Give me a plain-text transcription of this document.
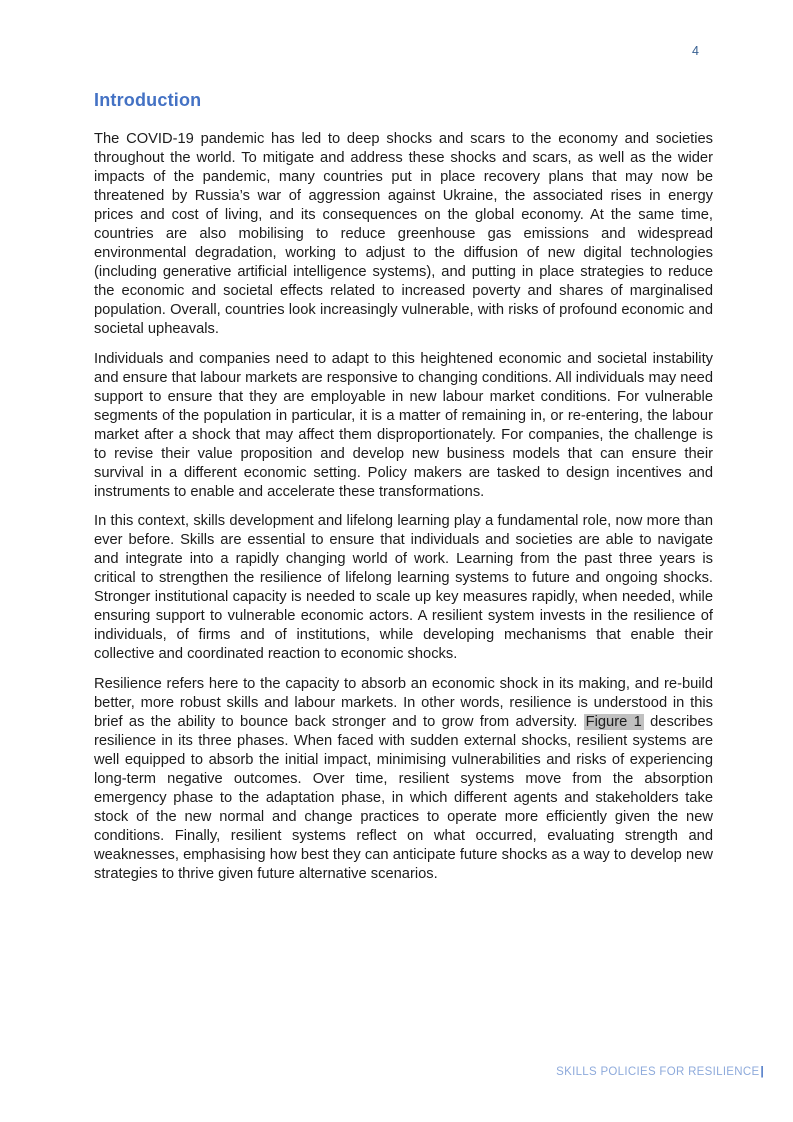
4
Introduction

The COVID-19 pandemic has led to deep shocks and scars to the economy and societies throughout the world. To mitigate and address these shocks and scars, as well as the wider impacts of the pandemic, many countries put in place recovery plans that may now be threatened by Russia’s war of aggression against Ukraine, the associated rises in energy prices and cost of living, and its consequences on the global economy. At the same time, countries are also mobilising to reduce greenhouse gas emissions and widespread environmental degradation, working to adjust to the diffusion of new digital technologies (including generative artificial intelligence systems), and putting in place strategies to reduce the economic and societal effects related to increased poverty and shares of marginalised population. Overall, countries look increasingly vulnerable, with risks of profound economic and societal upheavals.

Individuals and companies need to adapt to this heightened economic and societal instability and ensure that labour markets are responsive to changing conditions. All individuals may need support to ensure that they are employable in new labour market conditions. For vulnerable segments of the population in particular, it is a matter of remaining in, or re-entering, the labour market after a shock that may affect them disproportionately. For companies, the challenge is to revise their value proposition and develop new business models that can ensure their survival in a different economic setting. Policy makers are tasked to design incentives and instruments to enable and accelerate these transformations.

In this context, skills development and lifelong learning play a fundamental role, now more than ever before. Skills are essential to ensure that individuals and societies are able to navigate and integrate into a rapidly changing world of work. Learning from the past three years is critical to strengthen the resilience of lifelong learning systems to future and ongoing shocks. Stronger institutional capacity is needed to scale up key measures rapidly, when needed, while ensuring support to vulnerable economic actors. A resilient system invests in the resilience of individuals, of firms and of institutions, while developing mechanisms that enable their collective and coordinated reaction to economic shocks.

Resilience refers here to the capacity to absorb an economic shock in its making, and re-build better, more robust skills and labour markets. In other words, resilience is understood in this brief as the ability to bounce back stronger and to grow from adversity. Figure 1 describes resilience in its three phases. When faced with sudden external shocks, resilient systems are well equipped to absorb the initial impact, minimising vulnerabilities and risks of experiencing long-term negative outcomes. Over time, resilient systems move from the absorption emergency phase to the adaptation phase, in which different agents and stakeholders take stock of the new normal and change practices to operate more efficiently given the new conditions. Finally, resilient systems reflect on what occurred, evaluating strength and weaknesses, emphasising how best they can anticipate future shocks as a way to develop new strategies to thrive given future alternative scenarios.

SKILLS POLICIES FOR RESILIENCE|
